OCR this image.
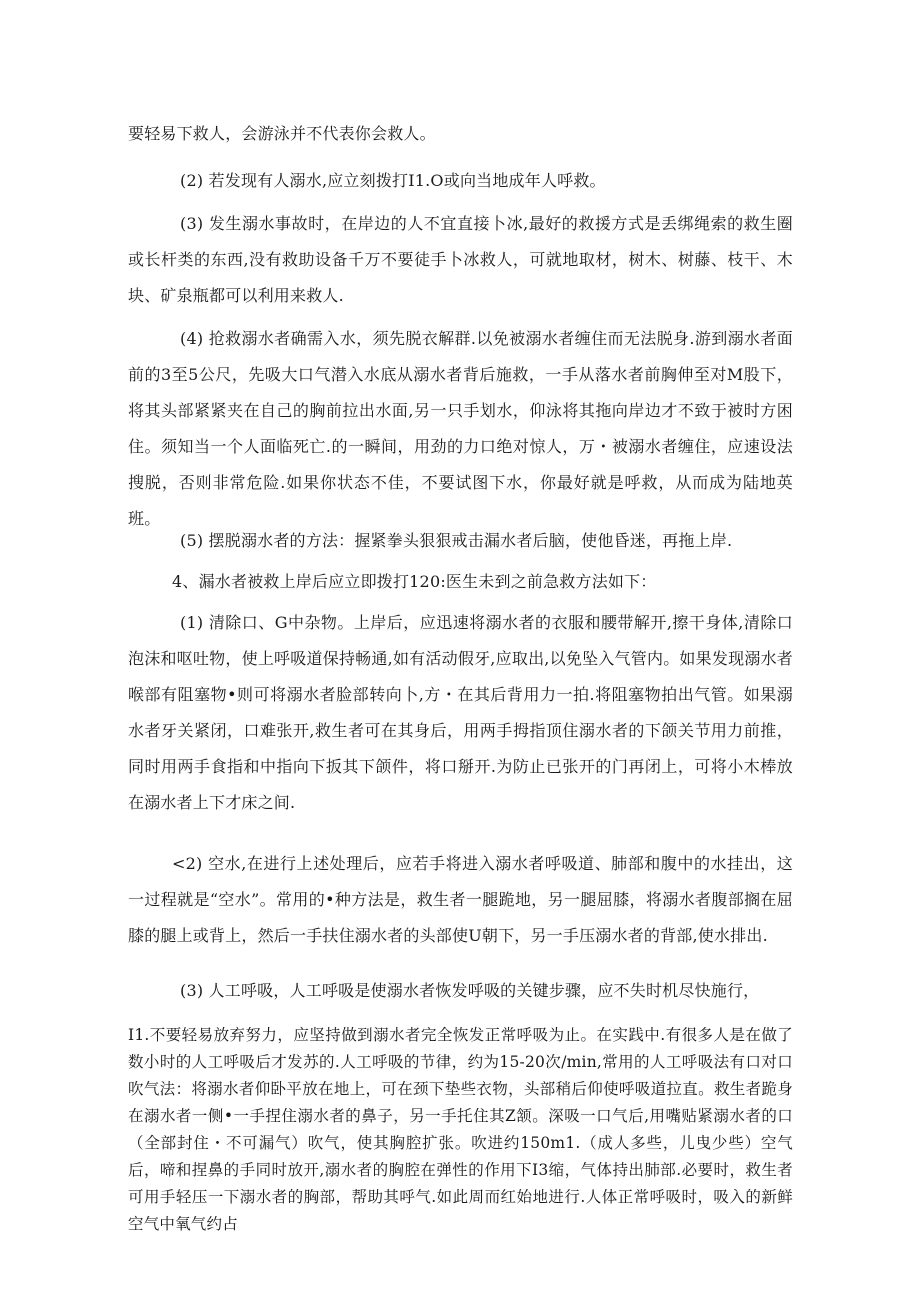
要轻易下救人，会游泳并不代表你会救人。

(2) 若发现有人溺水,应立刻拨打I1.O或向当地成年人呼救。

(3) 发生溺水事故时，在岸边的人不宜直接卜冰,最好的救援方式是丢绑绳索的救生圈或长杆类的东西,没有救助设备千万不要徒手卜冰救人，可就地取材，树木、树藤、枝干、木块、矿泉瓶都可以利用来救人.

(4) 抢救溺水者确需入水，须先脱衣解群.以免被溺水者缠住而无法脱身.游到溺水者面前的3至5公尺，先吸大口气潜入水底从溺水者背后施救，一手从落水者前胸伸至对M股下，将其头部紧紧夹在自己的胸前拉出水面,另一只手划水，仰泳将其拖向岸边才不致于被时方困住。须知当一个人面临死亡.的一瞬间，用劲的力口绝对惊人，万・被溺水者缠住，应速设法搜脱，否则非常危险.如果你状态不佳，不要试图下水，你最好就是呼救，从而成为陆地英班。

(5) 摆脱溺水者的方法：握紧拳头狠狠戒击漏水者后脑，使他昏迷，再拖上岸.

4、漏水者被救上岸后应立即拨打120:医生未到之前急救方法如下：

(1) 清除口、G中杂物。上岸后，应迅速将溺水者的衣服和腰带解开,擦干身体,清除口泡沫和呕吐物，使上呼吸道保持畅通,如有活动假牙,应取出,以免坠入气管内。如果发现溺水者喉部有阻塞物•则可将溺水者脸部转向卜,方・在其后背用力一拍.将阻塞物拍出气管。如果溺水者牙关紧闭，口难张开,救生者可在其身后，用两手拇指顶住溺水者的下颌关节用力前推，同时用两手食指和中指向下扳其下颌件，将口掰开.为防止已张开的门再闭上，可将小木棒放在溺水者上下才床之间.

<2) 空水,在进行上述处理后，应若手将进入溺水者呼吸道、肺部和腹中的水挂出，这一过程就是“空水”。常用的•种方法是，救生者一腿跪地，另一腿屈膝，将溺水者腹部搁在屈膝的腿上或背上，然后一手扶住溺水者的头部使U朝下，另一手压溺水者的背部,使水排出.

(3) 人工呼吸，人工呼吸是使溺水者恢发呼吸的关键步骤，应不失时机尽快施行，

I1.不要轻易放弃努力，应坚持做到溺水者完全恢发正常呼吸为止。在实践中.有很多人是在做了数小时的人工呼吸后才发苏的.人工呼吸的节律，约为15-20次/min,常用的人工呼吸法有口对口吹气法：将溺水者仰卧平放在地上，可在颈下垫些衣物，头部稍后仰使呼吸道拉直。救生者跪身在溺水者一侧•一手捏住溺水者的鼻子，另一手托住其Z颔。深吸一口气后,用嘴贴紧溺水者的口（全部封住・不可漏气）吹气，使其胸腔扩张。吹进约150m1.（成人多些，儿曳少些）空气后，啼和捏鼻的手同时放开,溺水者的胸腔在弹性的作用下I3缩，气体持出肺部.必要时，救生者可用手轻压一下溺水者的胸部，帮助其呼气.如此周而红始地进行.人体正常呼吸时，吸入的新鲜空气中氧气约占
